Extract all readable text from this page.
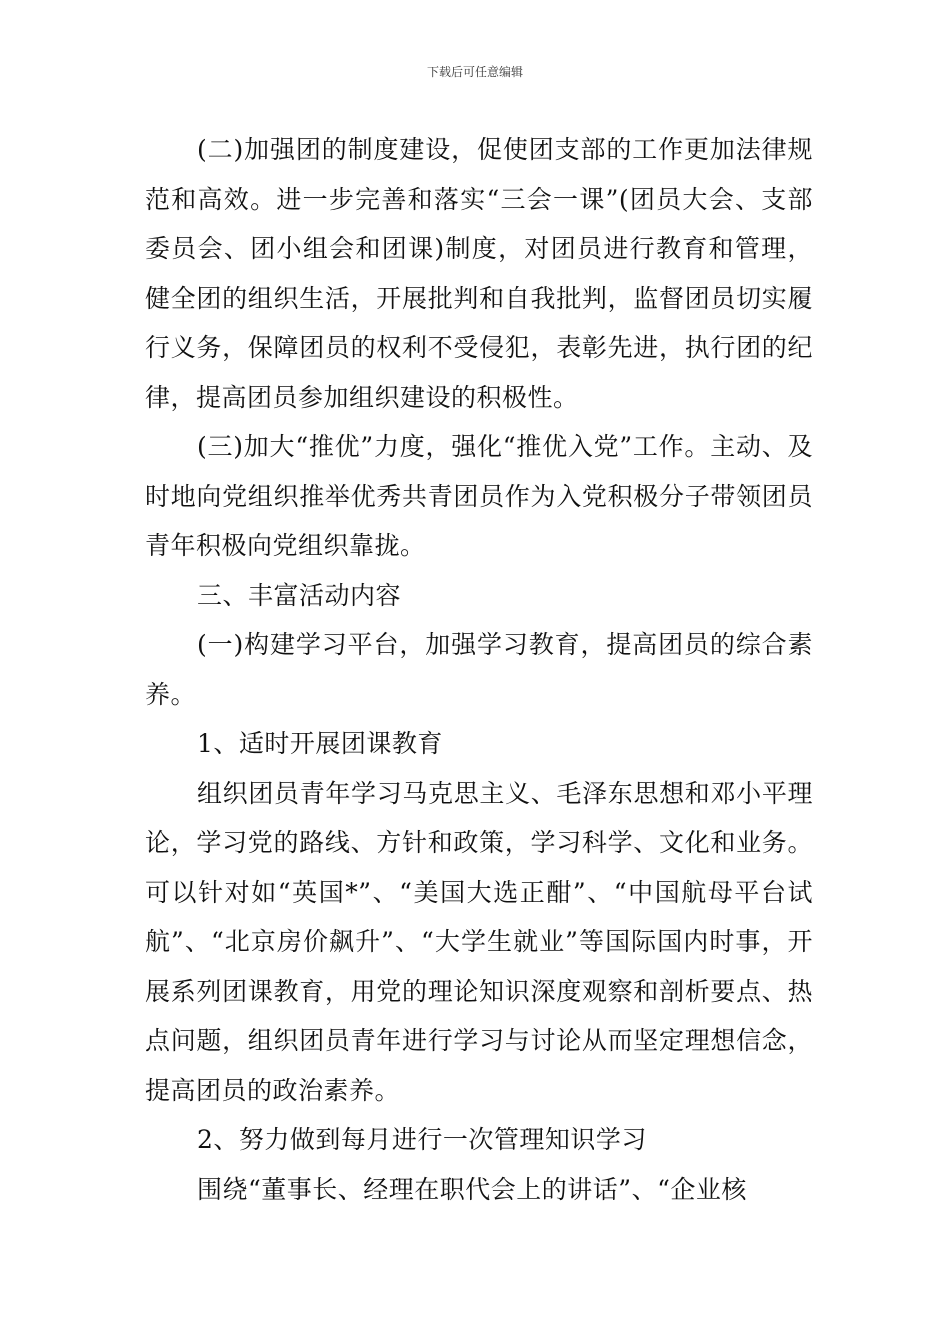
下载后可任意编辑

(二)加强团的制度建设，促使团支部的工作更加法律规范和高效。进一步完善和落实“三会一课”(团员大会、支部委员会、团小组会和团课)制度，对团员进行教育和管理，健全团的组织生活，开展批判和自我批判，监督团员切实履行义务，保障团员的权利不受侵犯，表彰先进，执行团的纪律，提高团员参加组织建设的积极性。

(三)加大“推优”力度，强化“推优入党”工作。主动、及时地向党组织推举优秀共青团员作为入党积极分子带领团员青年积极向党组织靠拢。

三、丰富活动内容

(一)构建学习平台，加强学习教育，提高团员的综合素养。

1、适时开展团课教育

组织团员青年学习马克思主义、毛泽东思想和邓小平理论，学习党的路线、方针和政策，学习科学、文化和业务。可以针对如“英国*”、“美国大选正酣”、“中国航母平台试航”、“北京房价飙升”、“大学生就业”等国际国内时事，开展系列团课教育，用党的理论知识深度观察和剖析要点、热点问题，组织团员青年进行学习与讨论从而坚定理想信念，提高团员的政治素养。

2、努力做到每月进行一次管理知识学习

围绕“董事长、经理在职代会上的讲话”、“企业核
